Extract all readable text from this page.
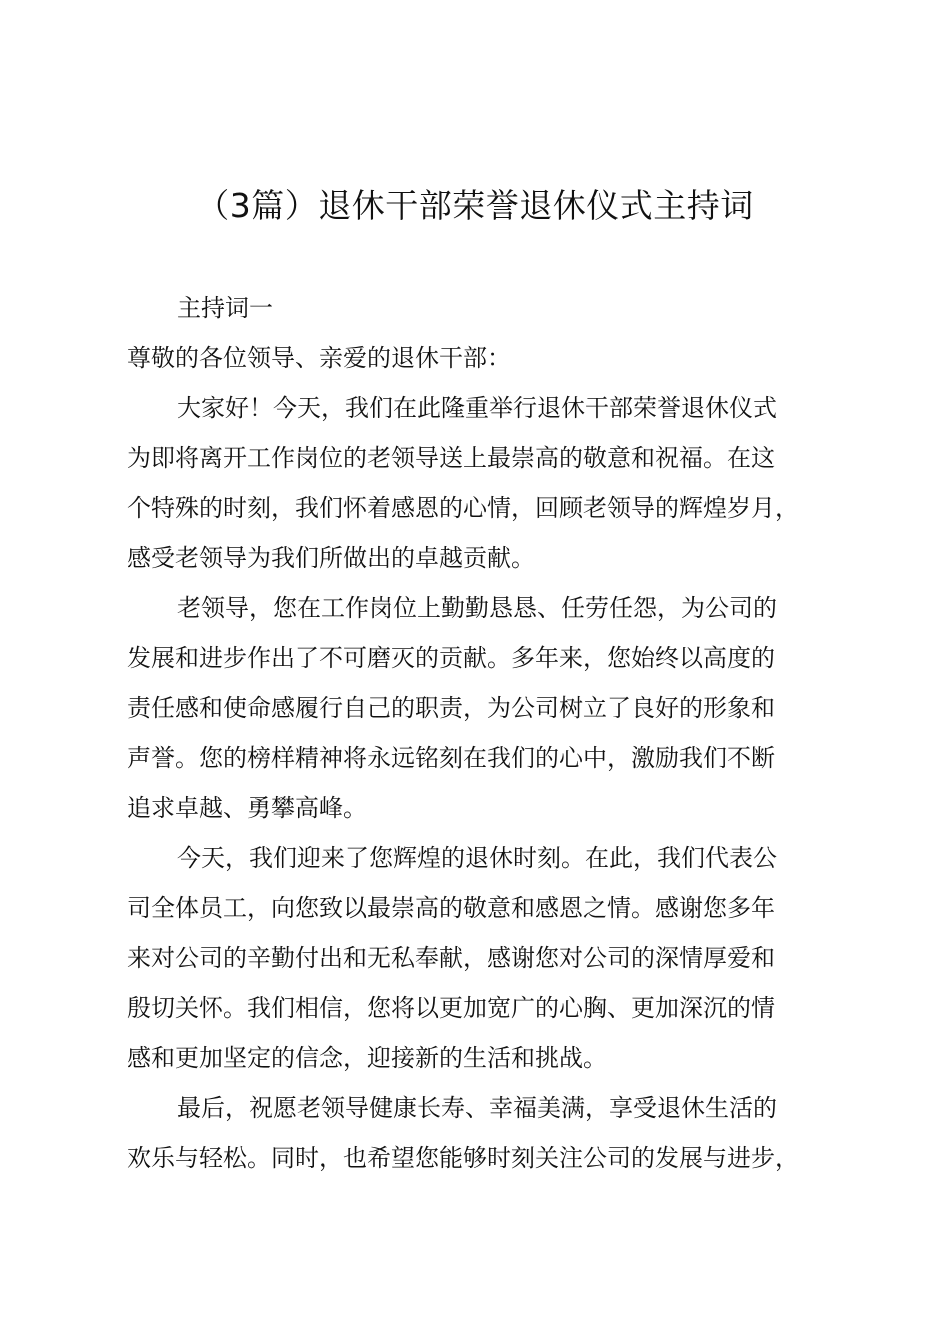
（3篇）退休干部荣誉退休仪式主持词

主持词一

尊敬的各位领导、亲爱的退休干部：

大家好！今天，我们在此隆重举行退休干部荣誉退休仪式

为即将离开工作岗位的老领导送上最崇高的敬意和祝福。在这

个特殊的时刻，我们怀着感恩的心情，回顾老领导的辉煌岁月，

感受老领导为我们所做出的卓越贡献。

老领导，您在工作岗位上勤勤恳恳、任劳任怨，为公司的

发展和进步作出了不可磨灭的贡献。多年来，您始终以高度的

责任感和使命感履行自己的职责，为公司树立了良好的形象和

声誉。您的榜样精神将永远铭刻在我们的心中，激励我们不断

追求卓越、勇攀高峰。

今天，我们迎来了您辉煌的退休时刻。在此，我们代表公

司全体员工，向您致以最崇高的敬意和感恩之情。感谢您多年

来对公司的辛勤付出和无私奉献，感谢您对公司的深情厚爱和

殷切关怀。我们相信，您将以更加宽广的心胸、更加深沉的情

感和更加坚定的信念，迎接新的生活和挑战。

最后，祝愿老领导健康长寿、幸福美满，享受退休生活的

欢乐与轻松。同时，也希望您能够时刻关注公司的发展与进步，
